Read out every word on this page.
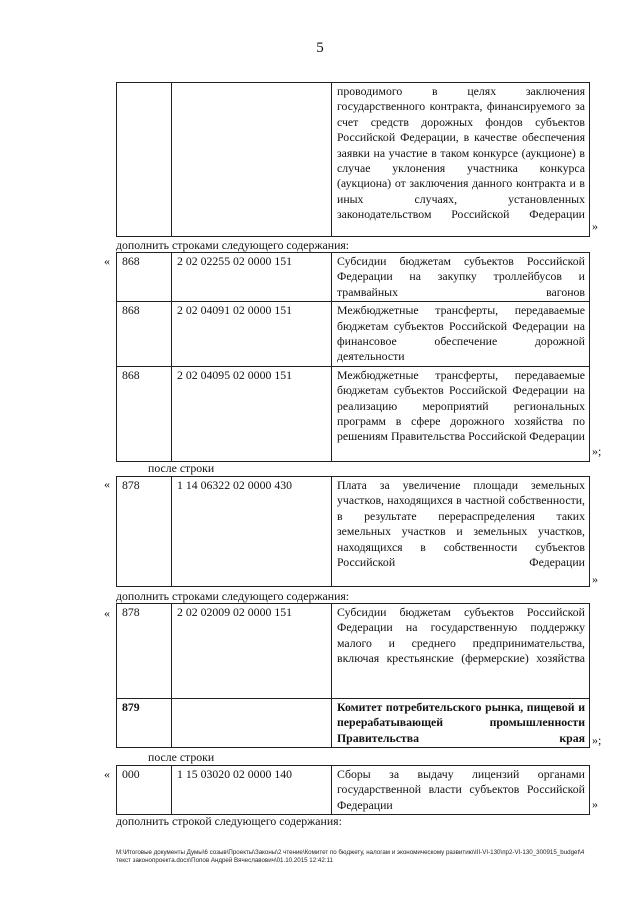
5
		проводимого в целях заключения государственного контракта, финансируемого за счет средств дорожных фондов субъектов Российской Федерации, в качестве обеспечения заявки на участие в таком конкурсе (аукционе) в случае уклонения участника конкурса (аукциона) от заключения данного контракта и в иных случаях, установленных законодательством Российской Федерации
»
дополнить строками следующего содержания:
« 868	2 02 02255 02 0000 151	Субсидии бюджетам субъектов Российской Федерации на закупку троллейбусов и трамвайных вагонов
868	2 02 04091 02 0000 151	Межбюджетные трансферты, передаваемые бюджетам субъектов Российской Федерации на финансовое обеспечение дорожной деятельности
868	2 02 04095 02 0000 151	Межбюджетные трансферты, передаваемые бюджетам субъектов Российской Федерации на реализацию мероприятий региональных программ в сфере дорожного хозяйства по решениям Правительства Российской Федерации
»;
после строки
« 878	1 14 06322 02 0000 430	Плата за увеличение площади земельных участков, находящихся в частной собственности, в результате перераспределения таких земельных участков и земельных участков, находящихся в собственности субъектов Российской Федерации
»
дополнить строками следующего содержания:
« 878	2 02 02009 02 0000 151	Субсидии бюджетам субъектов Российской Федерации на государственную поддержку малого и среднего предпринимательства, включая крестьянские (фермерские) хозяйства
879		Комитет потребительского рынка, пищевой и перерабатывающей промышленности Правительства края »;
после строки
« 000	1 15 03020 02 0000 140	Сборы за выдачу лицензий органами государственной власти субъектов Российской Федерации	»
дополнить строкой следующего содержания:
М:\Итоговые документы Думы\6 созыв\Проекты\Законы\2 чтение\Комитет по бюджету, налогам и экономическому развитию\III-VI-130\пр2-VI-130_300915_budget\4 текст законопроекта.docx\Попов Андрей Вячеславович\01.10.2015 12:42:11
